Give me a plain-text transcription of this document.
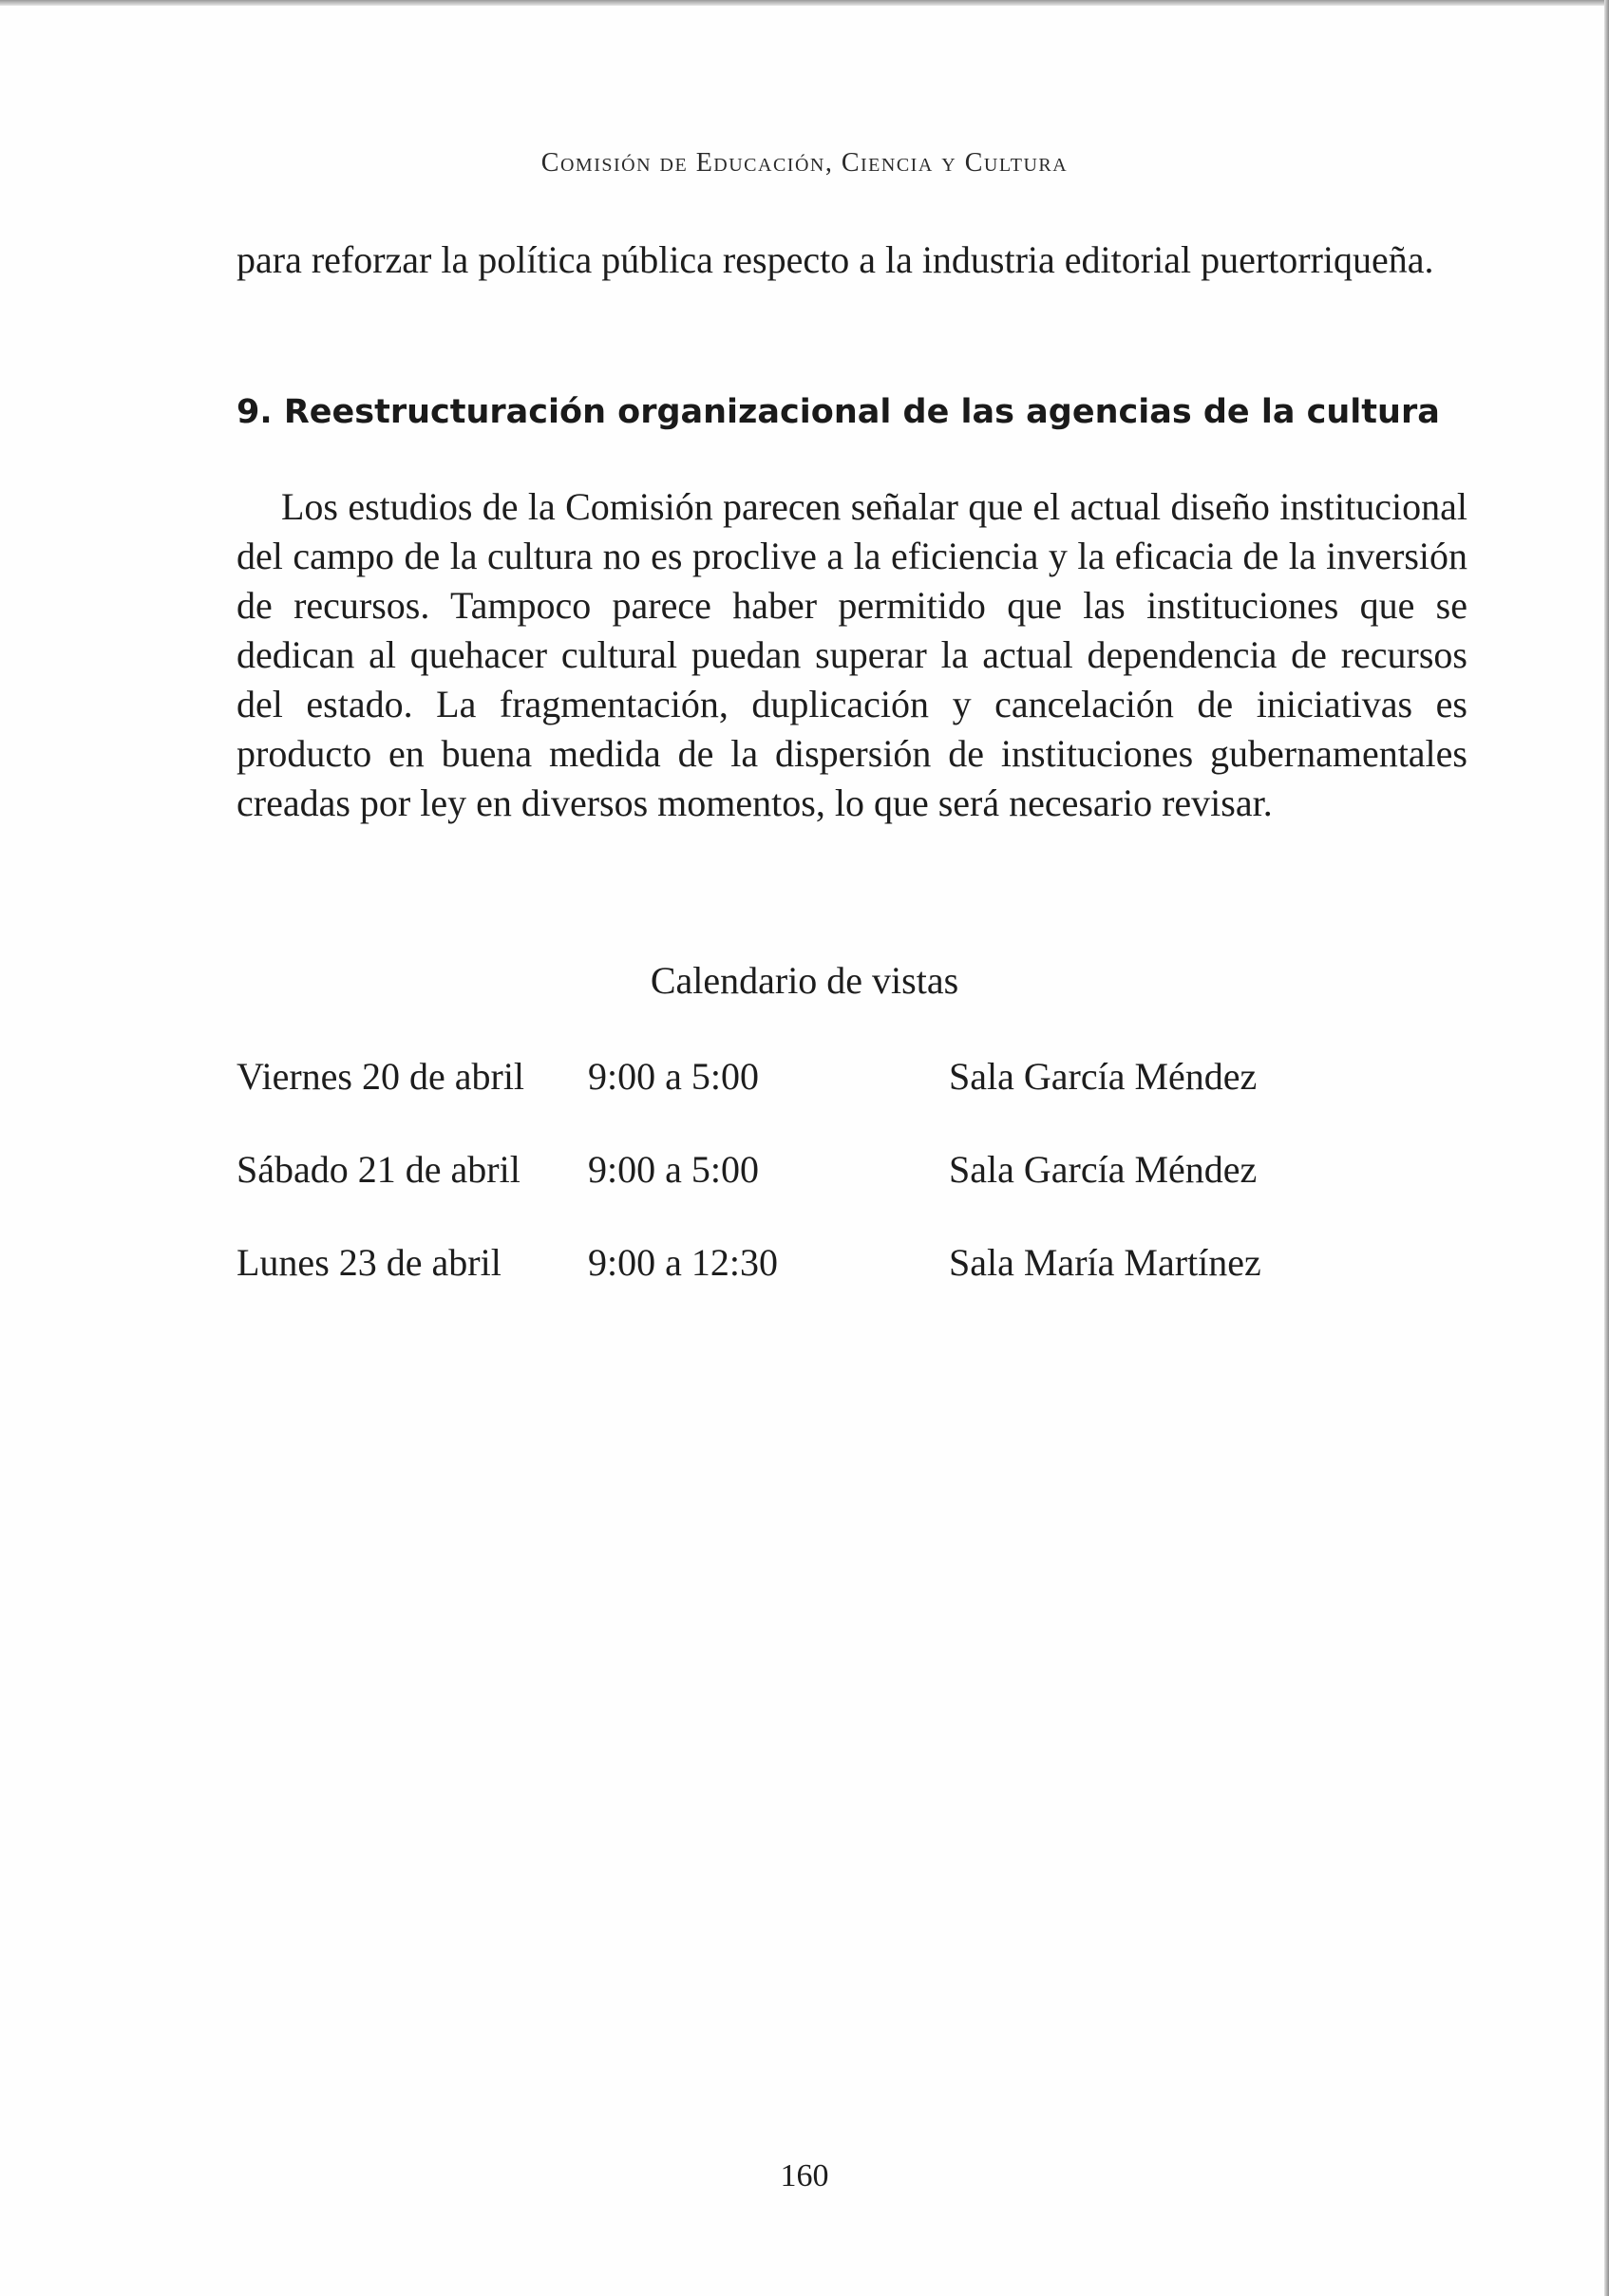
Comisión de Educación, Ciencia y Cultura
para reforzar la política pública respecto a la industria editorial puertorriqueña.
9. Reestructuración organizacional de las agencias de la cultura
Los estudios de la Comisión parecen señalar que el actual diseño institucional del campo de la cultura no es proclive a la eficiencia y la eficacia de la inversión de recursos. Tampoco parece haber permitido que las instituciones que se dedican al quehacer cultural puedan superar la actual dependencia de recursos del estado. La fragmentación, duplicación y cancelación de iniciativas es producto en buena medida de la dispersión de instituciones gubernamentales creadas por ley en diversos momentos, lo que será necesario revisar.
Calendario de vistas
Viernes 20 de abril 9:00 a 5:00	Sala García Méndez
Sábado 21 de abril 9:00 a 5:00	Sala García Méndez
Lunes 23 de abril 9:00 a 12:30	Sala María Martínez
160
